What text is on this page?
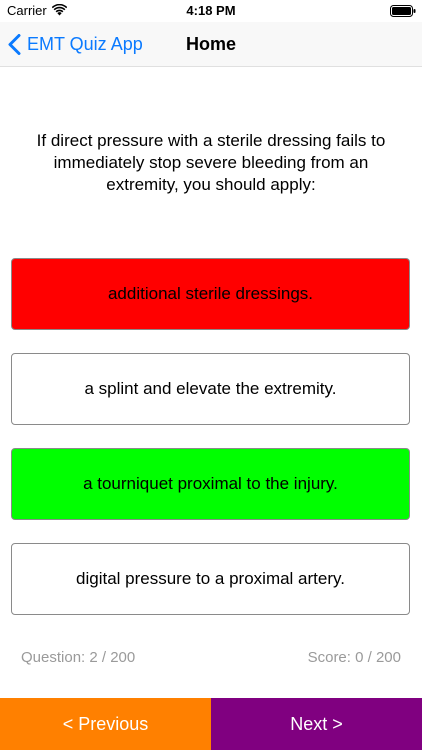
Carrier	4:18 PM
EMT Quiz App	Home
If direct pressure with a sterile dressing fails to immediately stop severe bleeding from an extremity, you should apply:
additional sterile dressings.
a splint and elevate the extremity.
a tourniquet proximal to the injury.
digital pressure to a proximal artery.
Question: 2 / 200	Score: 0 / 200
< Previous	Next >
